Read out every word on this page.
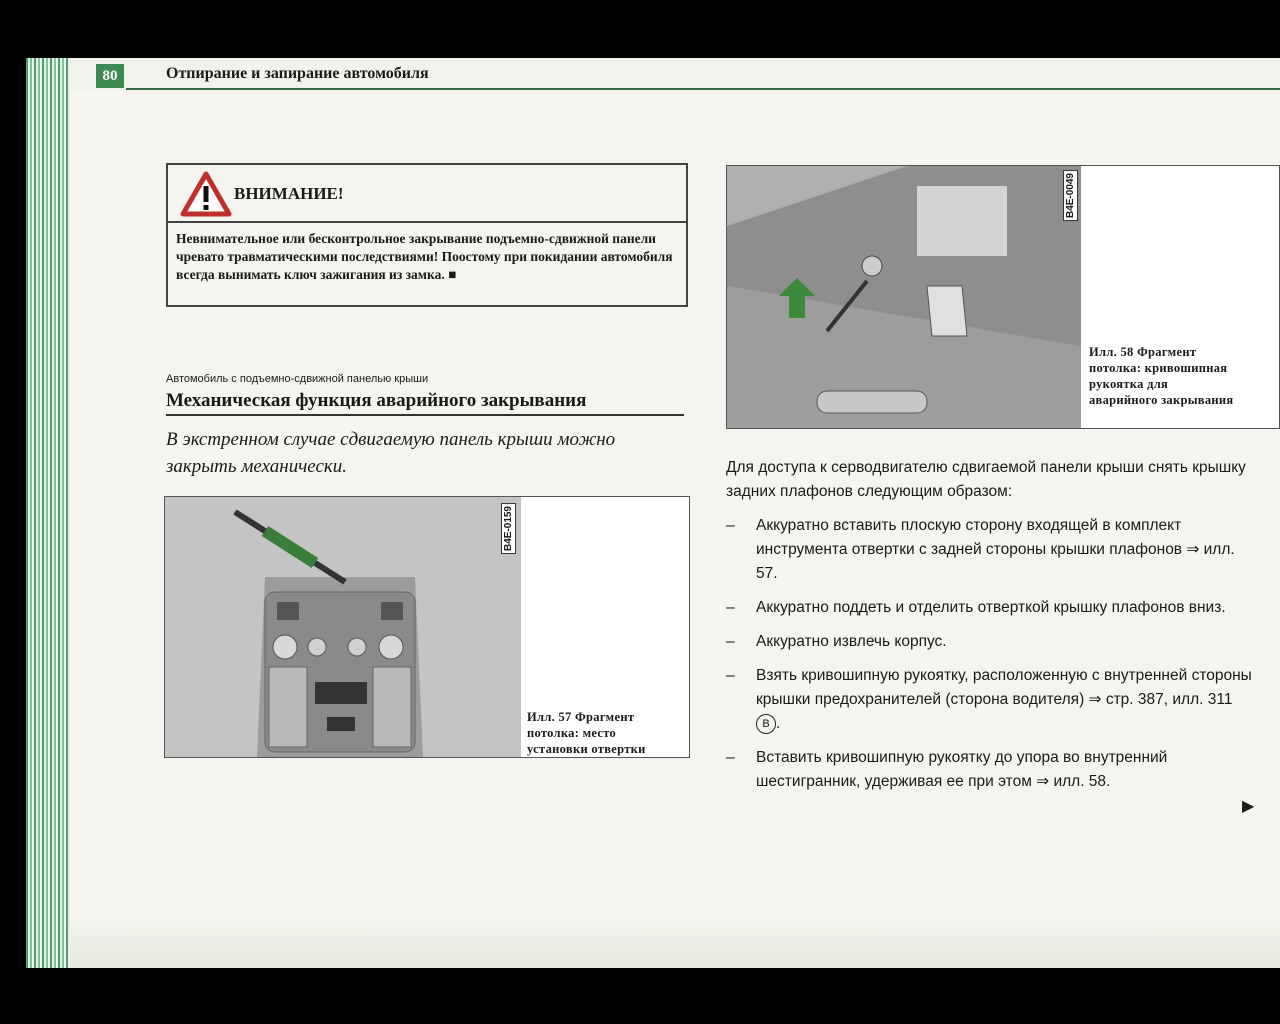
80	Отпирание и запирание автомобиля
ВНИМАНИЕ!
Невнимательное или бесконтрольное закрывание подъемно-сдвижной панели чревато травматическими последствиями! Поостому при покидании автомобиля всегда вынимать ключ зажигания из замка. ■
Автомобиль с подъемно-сдвижной панелью крыши
Механическая функция аварийного закрывания
В экстренном случае сдвигаемую панель крыши можно закрыть механически.
B4E-0159
Илл. 57 Фрагмент потолка: место установки отвертки
B4E-0049
Илл. 58 Фрагмент потолка: кривошипная рукоятка для аварийного закрывания
Для доступа к серводвигателю сдвигаемой панели крыши снять крышку задних плафонов следующим образом:
– Аккуратно вставить плоскую сторону входящей в комплект инструмента отвертки с задней стороны крышки плафонов ⇒ илл. 57.
– Аккуратно поддеть и отделить отверткой крышку плафонов вниз.
– Аккуратно извлечь корпус.
– Взять кривошипную рукоятку, расположенную с внутренней стороны крышки предохранителей (сторона водителя) ⇒ стр. 387, илл. 311 B .
– Вставить кривошипную рукоятку до упора во внутренний шестигранник, удерживая ее при этом ⇒ илл. 58.
▶
